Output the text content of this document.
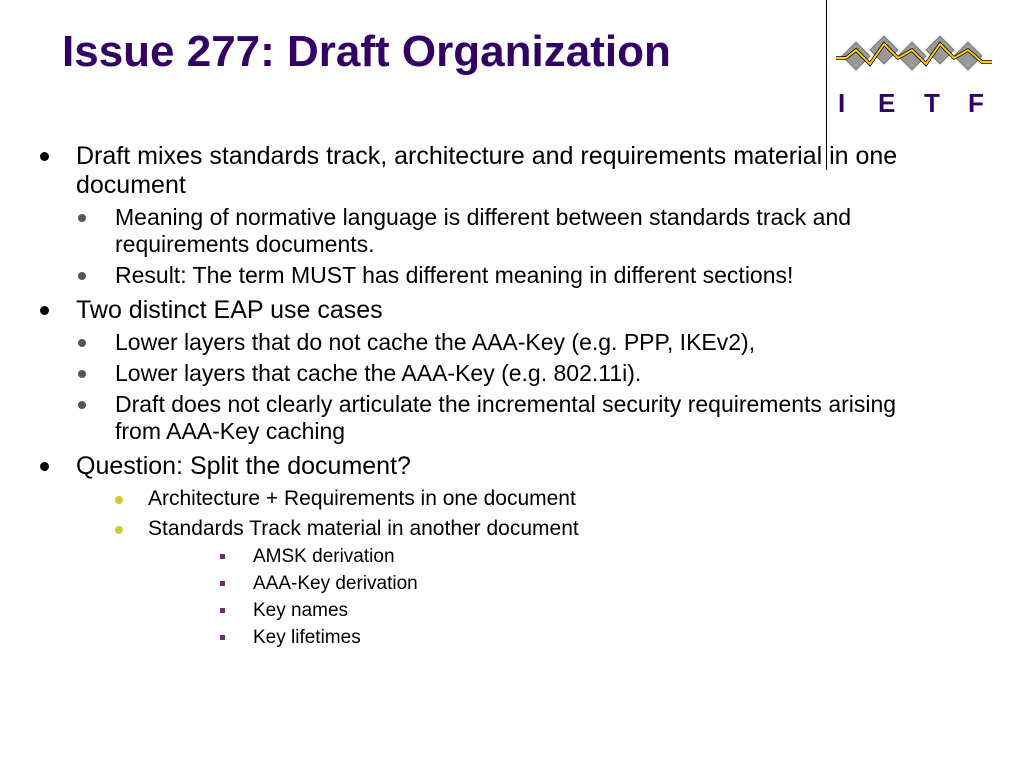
Issue 277: Draft Organization
I E T F
Draft mixes standards track, architecture and requirements material in one document
Meaning of normative language is different between standards track and requirements documents.
Result: The term MUST has different meaning in different sections!
Two distinct EAP use cases
Lower layers that do not cache the AAA-Key (e.g. PPP, IKEv2),
Lower layers that cache the AAA-Key (e.g. 802.11i).
Draft does not clearly articulate the incremental security requirements arising from AAA-Key caching
Question: Split the document?
Architecture + Requirements in one document
Standards Track material in another document
AMSK derivation
AAA-Key derivation
Key names
Key lifetimes
